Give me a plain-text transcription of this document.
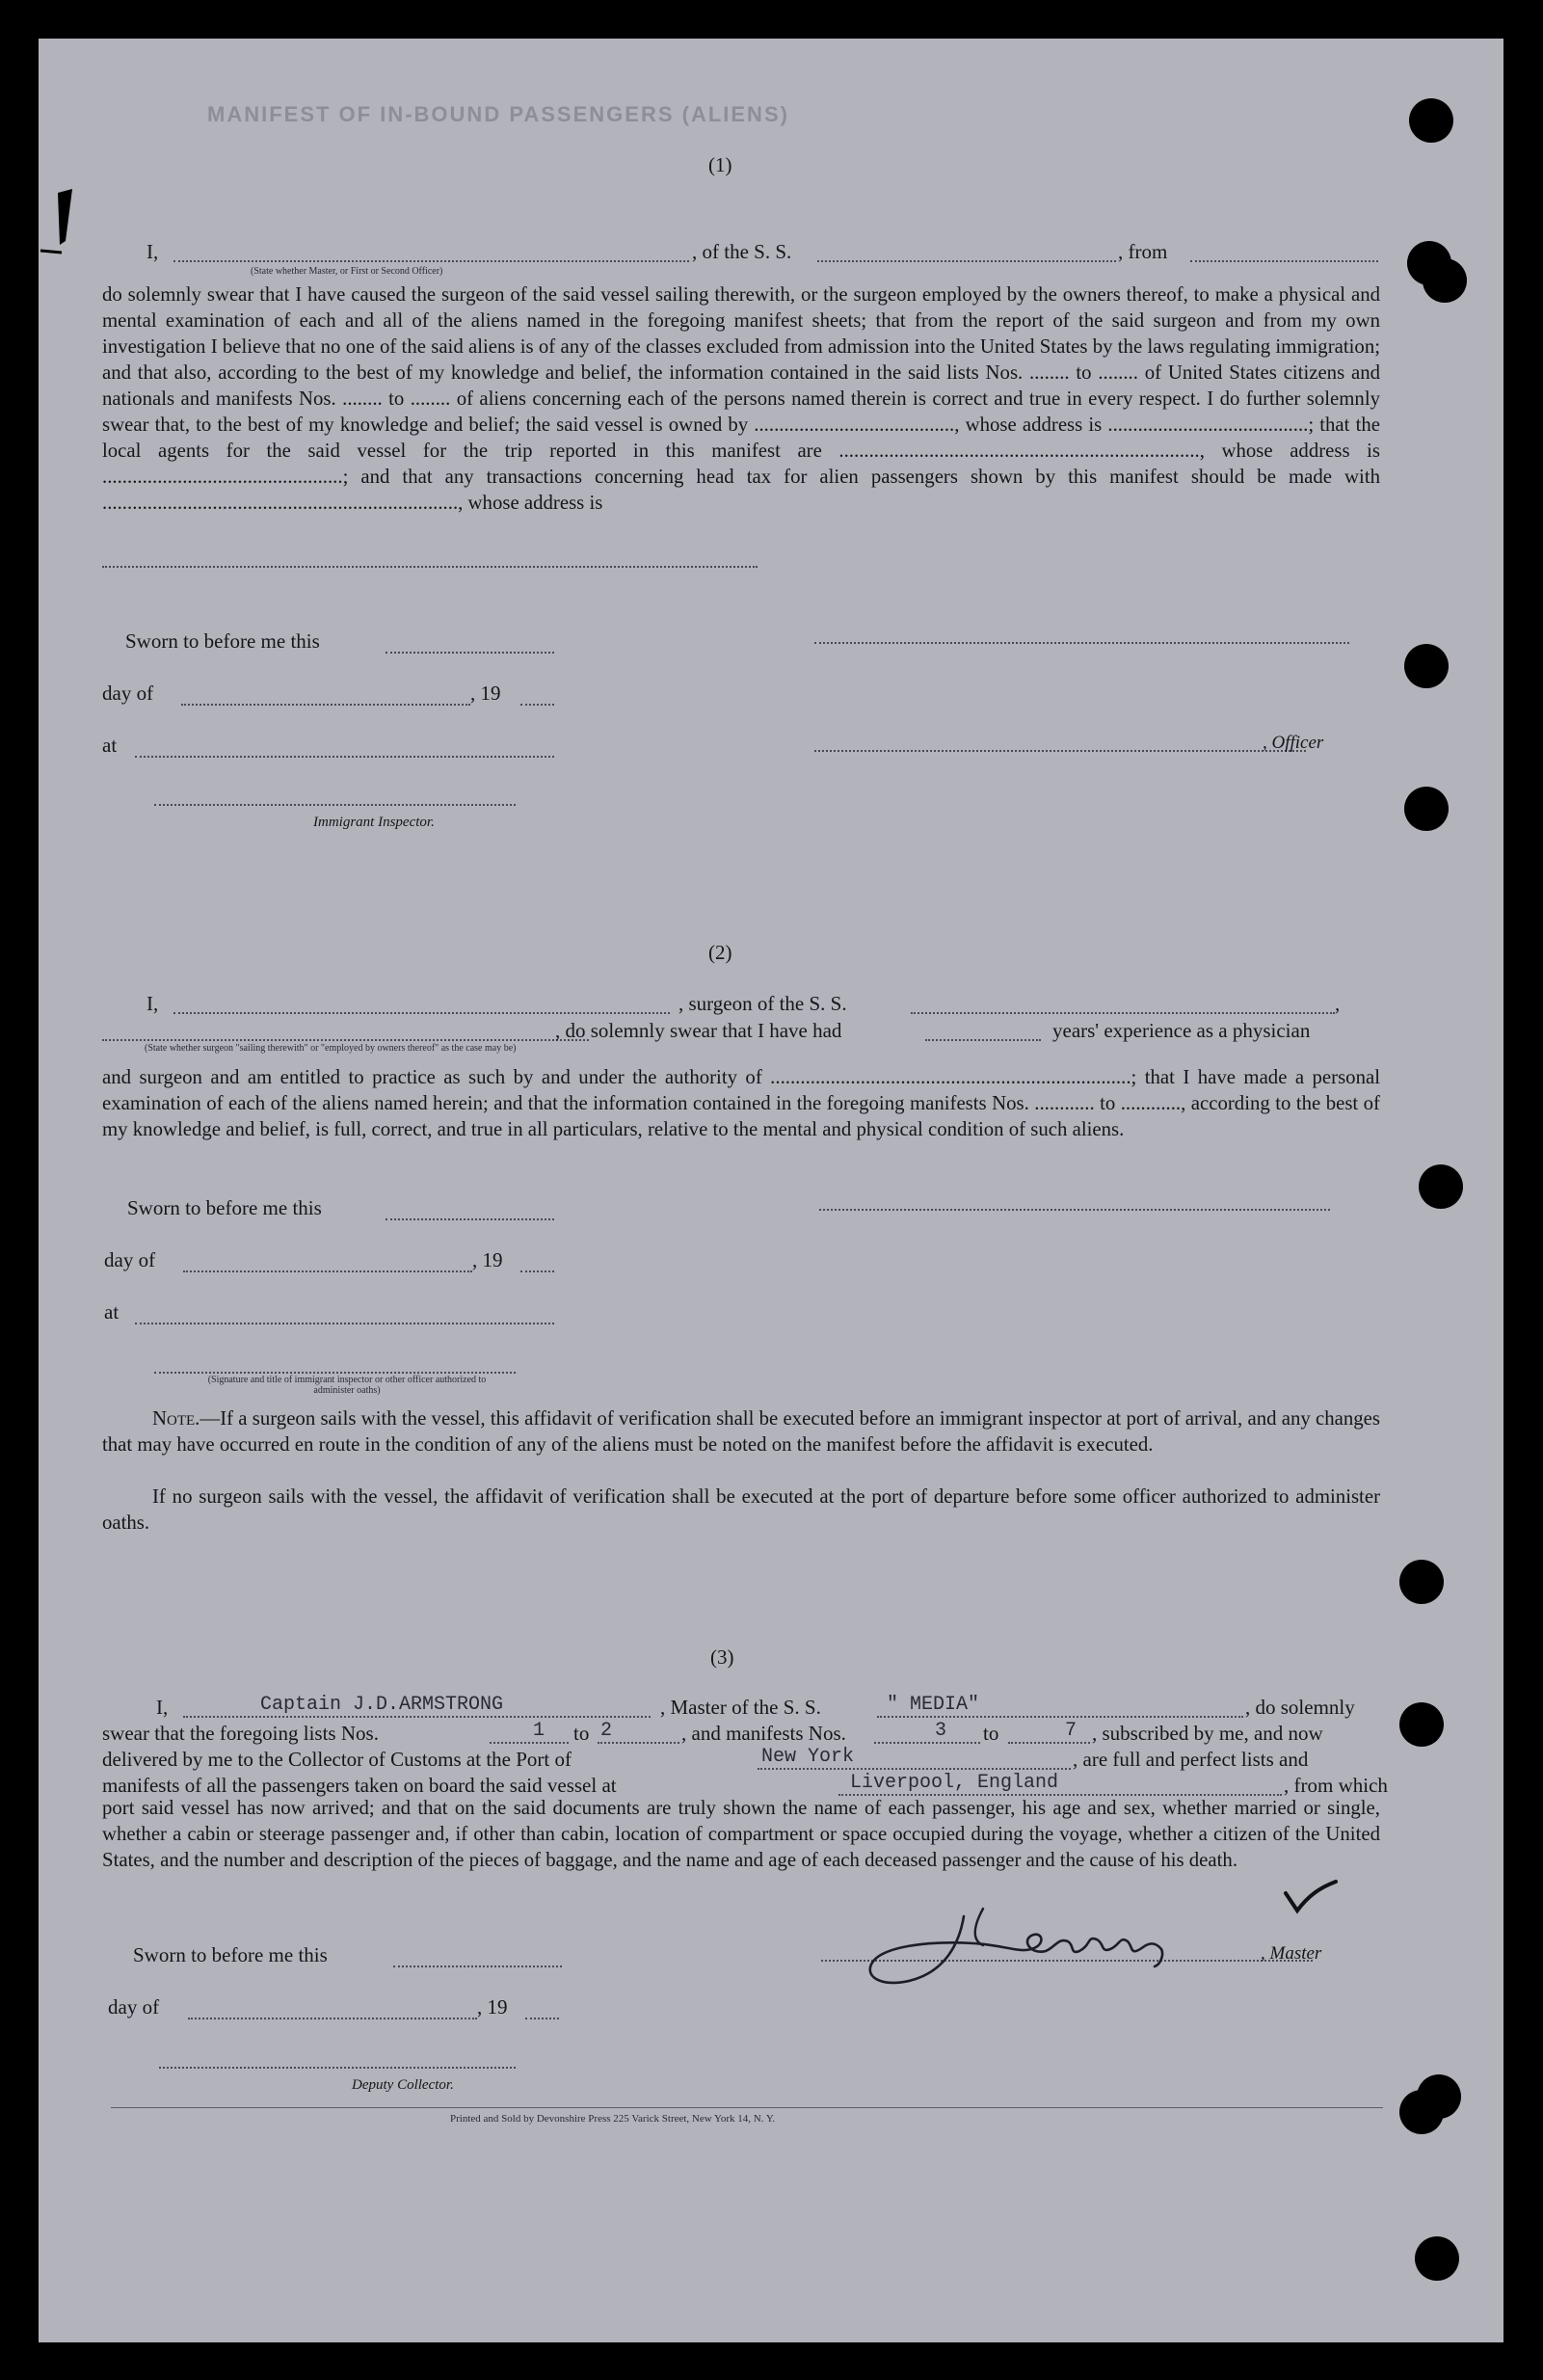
MANIFEST OF IN-BOUND PASSENGERS (ALIENS)
(1)
I,	, of the S. S.	, from
(State whether Master, or First or Second Officer)
do solemnly swear that I have caused the surgeon of the said vessel sailing therewith, or the surgeon employed by the owners thereof, to make a physical and mental examination of each and all of the aliens named in the foregoing manifest sheets; that from the report of the said surgeon and from my own investigation I believe that no one of the said aliens is of any of the classes excluded from admission into the United States by the laws regulating immigration; and that also, according to the best of my knowledge and belief, the information contained in the said lists Nos. ........ to ........ of United States citizens and nationals and manifests Nos. ........ to ........ of aliens concerning each of the persons named therein is correct and true in every respect. I do further solemnly swear that, to the best of my knowledge and belief; the said vessel is owned by ........................................, whose address is ........................................; that the local agents for the said vessel for the trip reported in this manifest are ........................................................................, whose address is ................................................; and that any transactions concerning head tax for alien passengers shown by this manifest should be made with ......................................................................., whose address is
Sworn to before me this
day of	, 19
at	, Officer
Immigrant Inspector.
(2)
I,	, surgeon of the S. S.	,
, do solemnly swear that I have had	years' experience as a physician
(State whether surgeon "sailing therewith" or "employed by owners thereof" as the case may be)
and surgeon and am entitled to practice as such by and under the authority of ........................................................................; that I have made a personal examination of each of the aliens named herein; and that the information contained in the foregoing manifests Nos. ............ to ............, according to the best of my knowledge and belief, is full, correct, and true in all particulars, relative to the mental and physical condition of such aliens.
Sworn to before me this
day of	, 19
at
(Signature and title of immigrant inspector or other officer authorized to administer oaths)
Note.—If a surgeon sails with the vessel, this affidavit of verification shall be executed before an immigrant inspector at port of arrival, and any changes that may have occurred en route in the condition of any of the aliens must be noted on the manifest before the affidavit is executed.
If no surgeon sails with the vessel, the affidavit of verification shall be executed at the port of departure before some officer authorized to administer oaths.
(3)
I,	Captain J.D.ARMSTRONG	, Master of the S. S.	" MEDIA"	, do solemnly
swear that the foregoing lists Nos.	1 to 2	, and manifests Nos.	3 to	7 , subscribed by me, and now
delivered by me to the Collector of Customs at the Port of	New York	, are full and perfect lists and
manifests of all the passengers taken on board the said vessel at	Liverpool, England	, from which
port said vessel has now arrived; and that on the said documents are truly shown the name of each passenger, his age and sex, whether married or single, whether a cabin or steerage passenger and, if other than cabin, location of compartment or space occupied during the voyage, whether a citizen of the United States, and the number and description of the pieces of baggage, and the name and age of each deceased passenger and the cause of his death.
Sworn to before me this	, Master
day of	, 19
Deputy Collector.
Printed and Sold by Devonshire Press 225 Varick Street, New York 14, N. Y.
